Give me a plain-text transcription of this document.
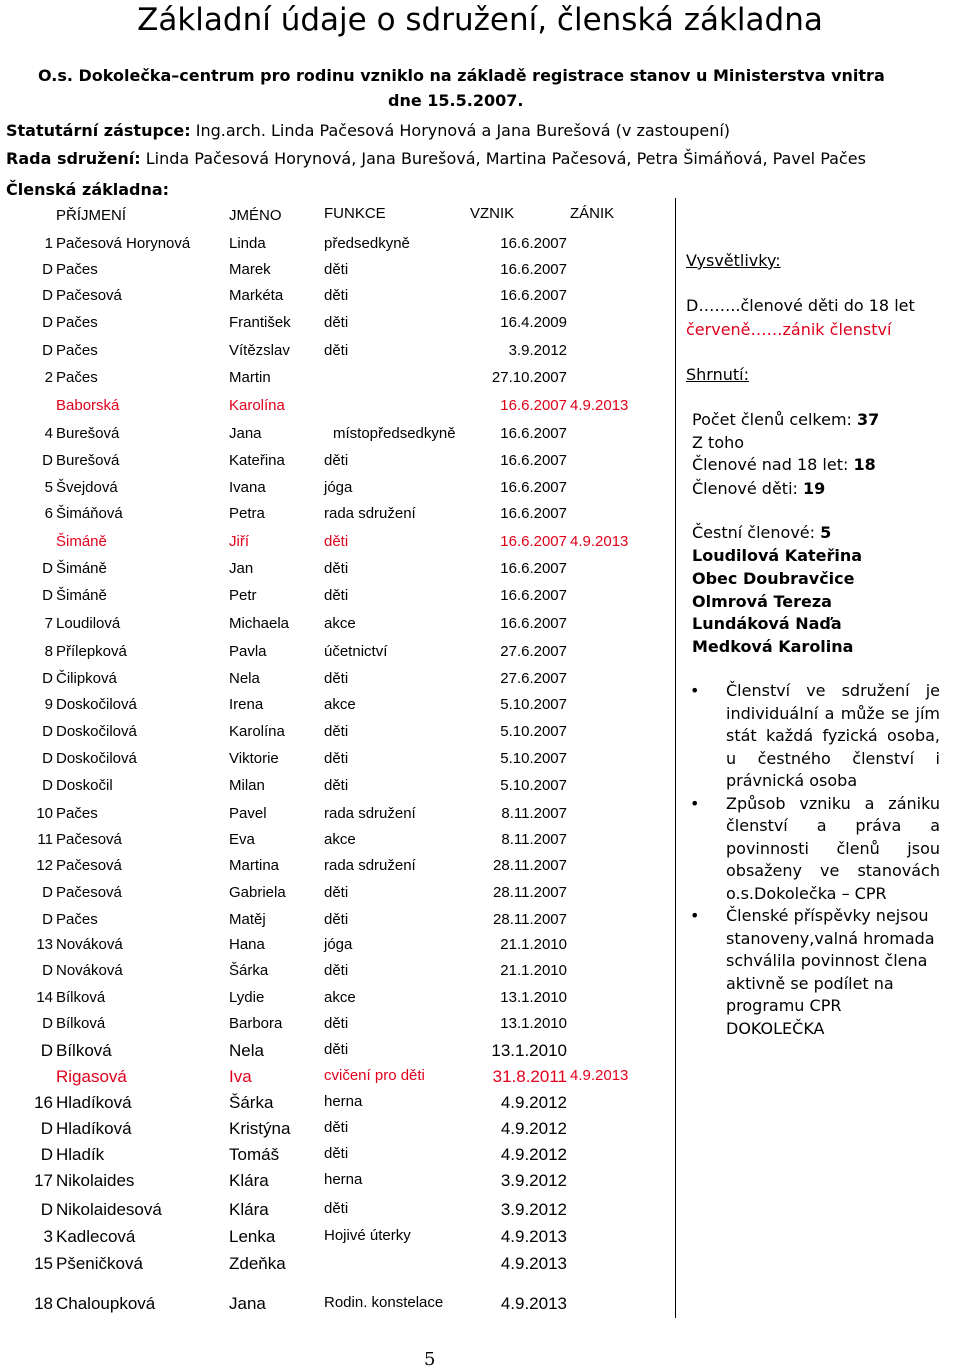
Základní údaje o sdružení, členská základna
O.s. Dokolečka–centrum pro rodinu vzniklo na základě registrace stanov u Ministerstva vnitra
dne 15.5.2007.
Statutární zástupce: Ing.arch. Linda Pačesová Horynová a Jana Burešová (v zastoupení)
Rada sdružení: Linda Pačesová Horynová, Jana Burešová, Martina Pačesová, Petra Šimáňová, Pavel Pačes
Členská základna:
PŘÍJMENÍ	JMÉNO	FUNKCE	VZNIK	ZÁNIK
1 Pačesová Horynová	Linda	předsedkyně	16.6.2007
D Pačes	Marek	děti	16.6.2007
D Pačesová	Markéta	děti	16.6.2007
D Pačes	František děti	16.4.2009
D Pačes	Vítězslav děti	3.9.2012
2 Pačes	Martin	27.10.2007
Baborská	Karolína	16.6.2007 4.9.2013
4 Burešová	Jana	místopředsedkyně	16.6.2007
D Burešová	Kateřina	děti	16.6.2007
5 Švejdová	Ivana	jóga	16.6.2007
6 Šimáňová	Petra	rada sdružení	16.6.2007
Šimáně	Jiří	děti	16.6.2007 4.9.2013
D Šimáně	Jan	děti	16.6.2007
D Šimáně	Petr	děti	16.6.2007
7 Loudilová	Michaela akce	16.6.2007
8 Přílepková	Pavla	účetnictví	27.6.2007
D Čilipková	Nela	děti	27.6.2007
9 Doskočilová	Irena	akce	5.10.2007
D Doskočilová	Karolína	děti	5.10.2007
D Doskočilová	Viktorie	děti	5.10.2007
D Doskočil	Milan	děti	5.10.2007
10 Pačes	Pavel	rada sdružení	8.11.2007
11 Pačesová	Eva	akce	8.11.2007
12 Pačesová	Martina	rada sdružení	28.11.2007
D Pačesová	Gabriela	děti	28.11.2007
D Pačes	Matěj	děti	28.11.2007
13 Nováková	Hana	jóga	21.1.2010
D Nováková	Šárka	děti	21.1.2010
14 Bílková	Lydie	akce	13.1.2010
D Bílková	Barbora	děti	13.1.2010
D Bílková	Nela	děti	13.1.2010
Rigasová	Iva	cvičení pro děti	31.8.2011 4.9.2013
16 Hladíková	Šárka	herna	4.9.2012
D Hladíková	Kristýna děti	4.9.2012
D Hladík	Tomáš	děti	4.9.2012
17 Nikolaides	Klára	herna	3.9.2012
D Nikolaidesová	Klára	děti	3.9.2012
3 Kadlecová	Lenka	Hojivé úterky	4.9.2013
15 Pšeničková	Zdeňka	4.9.2013
18 Chaloupková	Jana	Rodin. konstelace	4.9.2013
Vysvětlivky:
D……..členové děti do 18 let
červeně……zánik členství
Shrnutí:
Počet členů celkem: 37
Z toho
Členové nad 18 let: 18
Členové děti: 19
Čestní členové: 5
Loudilová Kateřina
Obec Doubravčice
Olmrová Tereza
Lundáková Naďa
Medková Karolina
• Členství ve sdružení je individuální a může se jím stát každá fyzická osoba, u čestného členství i právnická osoba
• Způsob vzniku a zániku členství a práva a povinnosti členů jsou obsaženy ve stanovách o.s.Dokolečka – CPR
• Členské příspěvky nejsou stanoveny,valná hromada schválila povinnost člena aktivně se podílet na programu CPR DOKOLEČKA
5
